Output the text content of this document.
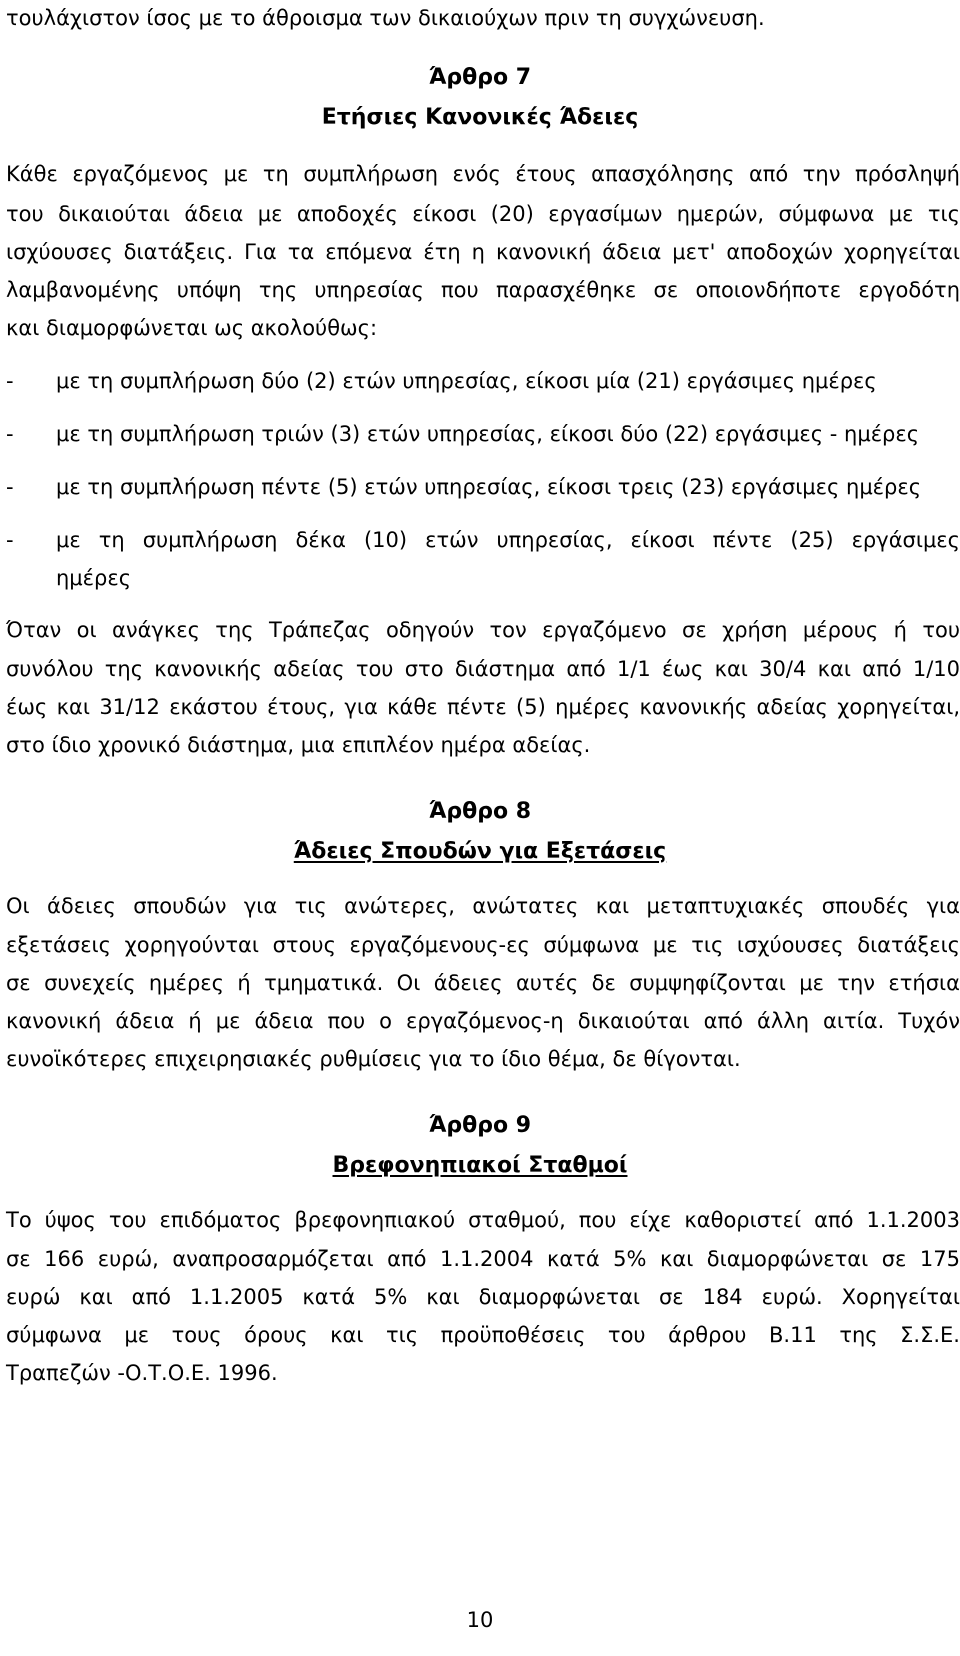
τουλάχιστον ίσος με το άθροισμα των δικαιούχων πριν τη συγχώνευση.
Άρθρο 7
Ετήσιες Κανονικές Άδειες
Κάθε εργαζόμενος με τη συμπλήρωση ενός έτους απασχόλησης από την πρόσληψή
του δικαιούται άδεια με αποδοχές είκοσι (20) εργασίμων ημερών, σύμφωνα με τις
ισχύουσες διατάξεις. Για τα επόμενα έτη η κανονική άδεια μετ' αποδοχών χορηγείται
λαμβανομένης υπόψη της υπηρεσίας που παρασχέθηκε σε οποιονδήποτε εργοδότη
και διαμορφώνεται ως ακολούθως:
- με τη συμπλήρωση δύο (2) ετών υπηρεσίας, είκοσι μία (21) εργάσιμες ημέρες
- με τη συμπλήρωση τριών (3) ετών υπηρεσίας, είκοσι δύο (22) εργάσιμες - ημέρες
- με τη συμπλήρωση πέντε (5) ετών υπηρεσίας, είκοσι τρεις (23) εργάσιμες ημέρες
- με τη συμπλήρωση δέκα (10) ετών υπηρεσίας, είκοσι πέντε (25) εργάσιμες
ημέρες
Όταν οι ανάγκες της Τράπεζας οδηγούν τον εργαζόμενο σε χρήση μέρους ή του
συνόλου της κανονικής αδείας του στο διάστημα από 1/1 έως και 30/4 και από 1/10
έως και 31/12 εκάστου έτους, για κάθε πέντε (5) ημέρες κανονικής αδείας χορηγείται,
στο ίδιο χρονικό διάστημα, μια επιπλέον ημέρα αδείας.
Άρθρο 8
Άδειες Σπουδών για Εξετάσεις
Οι άδειες σπουδών για τις ανώτερες, ανώτατες και μεταπτυχιακές σπουδές για
εξετάσεις χορηγούνται στους εργαζόμενους-ες σύμφωνα με τις ισχύουσες διατάξεις
σε συνεχείς ημέρες ή τμηματικά. Οι άδειες αυτές δε συμψηφίζονται με την ετήσια
κανονική άδεια ή με άδεια που ο εργαζόμενος-η δικαιούται από άλλη αιτία. Τυχόν
ευνοϊκότερες επιχειρησιακές ρυθμίσεις για το ίδιο θέμα, δε θίγονται.
Άρθρο 9
Βρεφονηπιακοί Σταθμοί
Το ύψος του επιδόματος βρεφονηπιακού σταθμού, που είχε καθοριστεί από 1.1.2003
σε 166 ευρώ, αναπροσαρμόζεται από 1.1.2004 κατά 5% και διαμορφώνεται σε 175
ευρώ και από 1.1.2005 κατά 5% και διαμορφώνεται σε 184 ευρώ. Χορηγείται
σύμφωνα με τους όρους και τις προϋποθέσεις του άρθρου Β.11 της Σ.Σ.Ε.
Τραπεζών -Ο.Τ.Ο.Ε. 1996.
10
